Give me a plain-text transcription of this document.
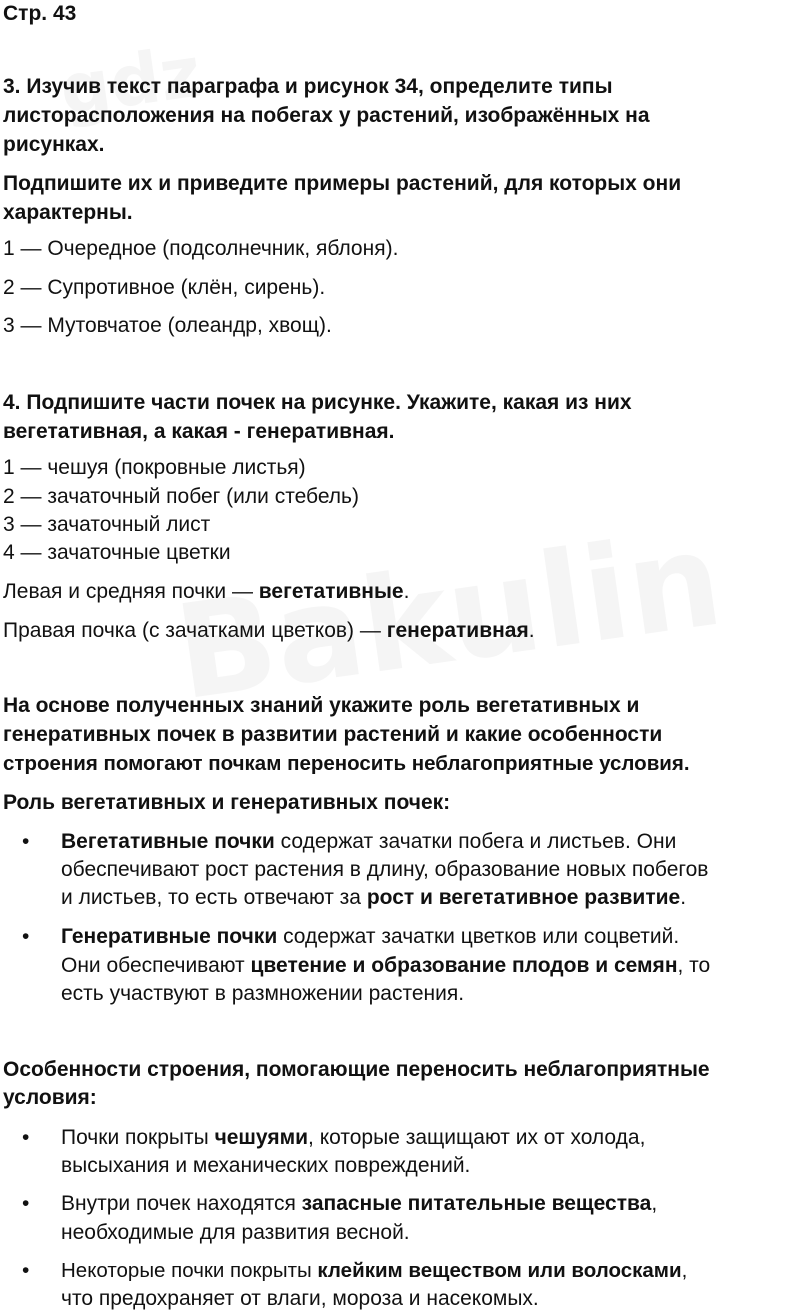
Стр. 43
3. Изучив текст параграфа и рисунок 34, определите типы
листорасположения на побегах у растений, изображённых на
рисунках.
Подпишите их и приведите примеры растений, для которых они
характерны.
1 — Очередное (подсолнечник, яблоня).
2 — Супротивное (клён, сирень).
3 — Мутовчатое (олеандр, хвощ).
4. Подпишите части почек на рисунке. Укажите, какая из них
вегетативная, а какая - генеративная.
1 — чешуя (покровные листья)
2 — зачаточный побег (или стебель)
3 — зачаточный лист
4 — зачаточные цветки
Левая и средняя почки — вегетативные.
Правая почка (с зачатками цветков) — генеративная.
На основе полученных знаний укажите роль вегетативных и
генеративных почек в развитии растений и какие особенности
строения помогают почкам переносить неблагоприятные условия.
Роль вегетативных и генеративных почек:
• Вегетативные почки содержат зачатки побега и листьев. Они
обеспечивают рост растения в длину, образование новых побегов
и листьев, то есть отвечают за рост и вегетативное развитие.
• Генеративные почки содержат зачатки цветков или соцветий.
Они обеспечивают цветение и образование плодов и семян, то
есть участвуют в размножении растения.
Особенности строения, помогающие переносить неблагоприятные
условия:
• Почки покрыты чешуями, которые защищают их от холода,
высыхания и механических повреждений.
• Внутри почек находятся запасные питательные вещества,
необходимые для развития весной.
• Некоторые почки покрыты клейким веществом или волосками,
что предохраняет от влаги, мороза и насекомых.
